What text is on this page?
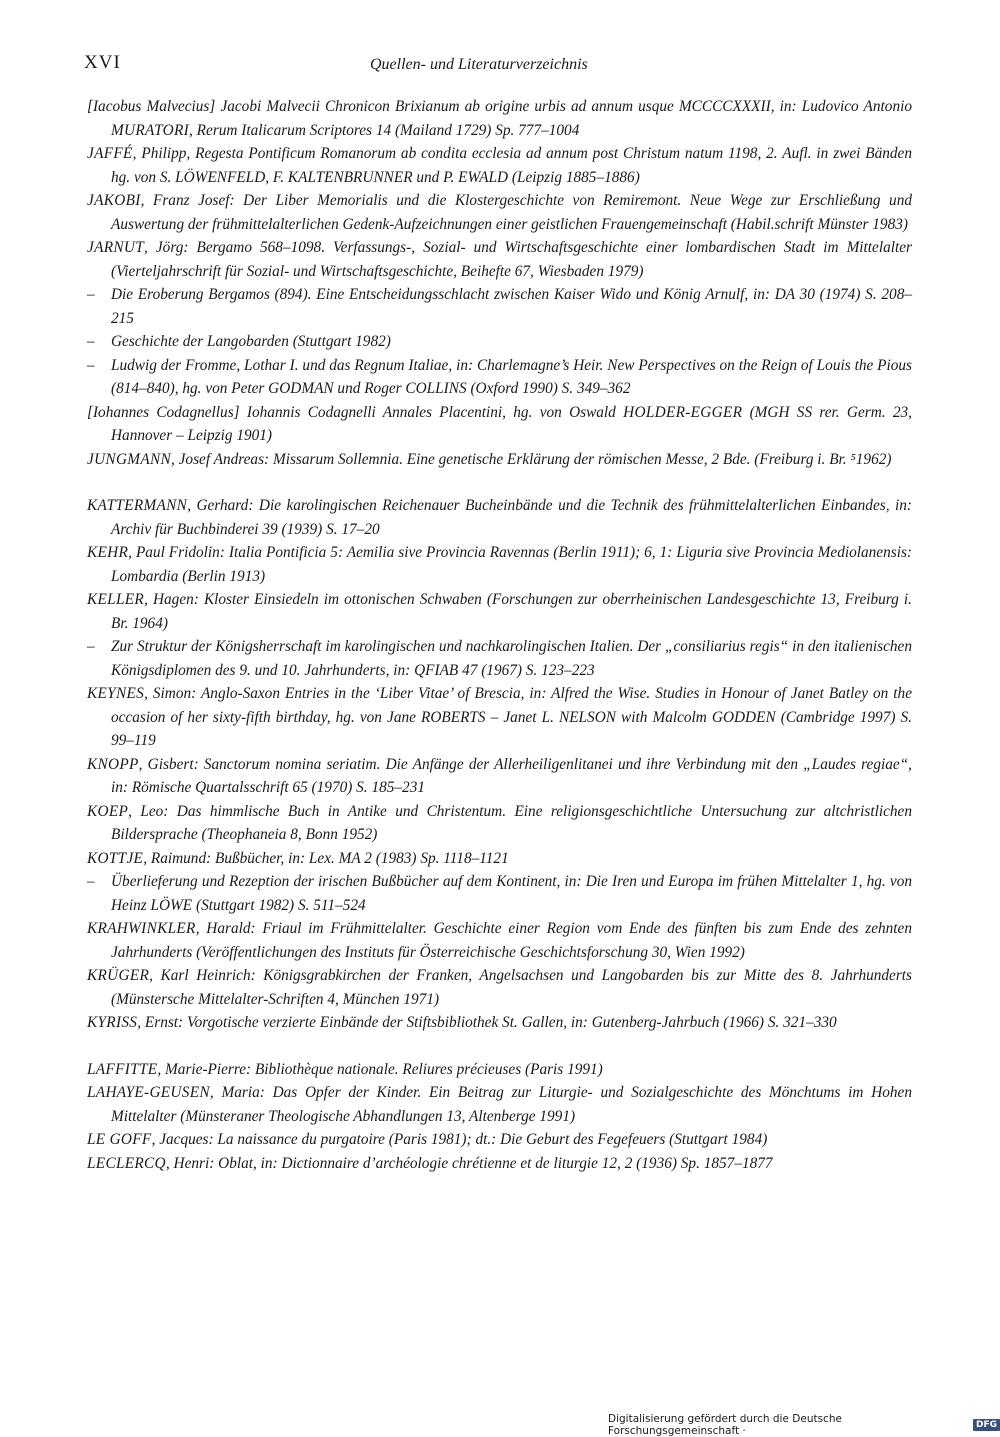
XVI	Quellen- und Literaturverzeichnis
[Iacobus Malvecius] Jacobi Malvecii Chronicon Brixianum ab origine urbis ad annum usque MCCCCXXXII, in: Ludovico Antonio MURATORI, Rerum Italicarum Scriptores 14 (Mailand 1729) Sp. 777–1004
JAFFÉ, Philipp, Regesta Pontificum Romanorum ab condita ecclesia ad annum post Christum natum 1198, 2. Aufl. in zwei Bänden hg. von S. LÖWENFELD, F. KALTENBRUNNER und P. EWALD (Leipzig 1885–1886)
JAKOBI, Franz Josef: Der Liber Memorialis und die Klostergeschichte von Remiremont. Neue Wege zur Erschließung und Auswertung der frühmittelalterlichen Gedenk-Aufzeichnungen einer geistlichen Frauengemeinschaft (Habil.schrift Münster 1983)
JARNUT, Jörg: Bergamo 568–1098. Verfassungs-, Sozial- und Wirtschaftsgeschichte einer lombardischen Stadt im Mittelalter (Vierteljahrschrift für Sozial- und Wirtschaftsgeschichte, Beihefte 67, Wiesbaden 1979)
– Die Eroberung Bergamos (894). Eine Entscheidungsschlacht zwischen Kaiser Wido und König Arnulf, in: DA 30 (1974) S. 208–215
– Geschichte der Langobarden (Stuttgart 1982)
– Ludwig der Fromme, Lothar I. und das Regnum Italiae, in: Charlemagne’s Heir. New Perspectives on the Reign of Louis the Pious (814–840), hg. von Peter GODMAN und Roger COLLINS (Oxford 1990) S. 349–362
[Iohannes Codagnellus] Iohannis Codagnelli Annales Placentini, hg. von Oswald HOLDER-EGGER (MGH SS rer. Germ. 23, Hannover – Leipzig 1901)
JUNGMANN, Josef Andreas: Missarum Sollemnia. Eine genetische Erklärung der römischen Messe, 2 Bde. (Freiburg i. Br. ⁵1962)
KATTERMANN, Gerhard: Die karolingischen Reichenauer Bucheinbände und die Technik des frühmittelalterlichen Einbandes, in: Archiv für Buchbinderei 39 (1939) S. 17–20
KEHR, Paul Fridolin: Italia Pontificia 5: Aemilia sive Provincia Ravennas (Berlin 1911); 6, 1: Liguria sive Provincia Mediolanensis: Lombardia (Berlin 1913)
KELLER, Hagen: Kloster Einsiedeln im ottonischen Schwaben (Forschungen zur oberrheinischen Landesgeschichte 13, Freiburg i. Br. 1964)
– Zur Struktur der Königsherrschaft im karolingischen und nachkarolingischen Italien. Der „consiliarius regis“ in den italienischen Königsdiplomen des 9. und 10. Jahrhunderts, in: QFIAB 47 (1967) S. 123–223
KEYNES, Simon: Anglo-Saxon Entries in the ‘Liber Vitae’ of Brescia, in: Alfred the Wise. Studies in Honour of Janet Batley on the occasion of her sixty-fifth birthday, hg. von Jane ROBERTS – Janet L. NELSON with Malcolm GODDEN (Cambridge 1997) S. 99–119
KNOPP, Gisbert: Sanctorum nomina seriatim. Die Anfänge der Allerheiligenlitanei und ihre Verbindung mit den „Laudes regiae“, in: Römische Quartalsschrift 65 (1970) S. 185–231
KOEP, Leo: Das himmlische Buch in Antike und Christentum. Eine religionsgeschichtliche Untersuchung zur altchristlichen Bildersprache (Theophaneia 8, Bonn 1952)
KOTTJE, Raimund: Bußbücher, in: Lex. MA 2 (1983) Sp. 1118–1121
– Überlieferung und Rezeption der irischen Bußbücher auf dem Kontinent, in: Die Iren und Europa im frühen Mittelalter 1, hg. von Heinz LÖWE (Stuttgart 1982) S. 511–524
KRAHWINKLER, Harald: Friaul im Frühmittelalter. Geschichte einer Region vom Ende des fünften bis zum Ende des zehnten Jahrhunderts (Veröffentlichungen des Instituts für Österreichische Geschichtsforschung 30, Wien 1992)
KRÜGER, Karl Heinrich: Königsgrabkirchen der Franken, Angelsachsen und Langobarden bis zur Mitte des 8. Jahrhunderts (Münstersche Mittelalter-Schriften 4, München 1971)
KYRISS, Ernst: Vorgotische verzierte Einbände der Stiftsbibliothek St. Gallen, in: Gutenberg-Jahrbuch (1966) S. 321–330
LAFFITTE, Marie-Pierre: Bibliothèque nationale. Reliures précieuses (Paris 1991)
LAHAYE-GEUSEN, Maria: Das Opfer der Kinder. Ein Beitrag zur Liturgie- und Sozialgeschichte des Mönchtums im Hohen Mittelalter (Münsteraner Theologische Abhandlungen 13, Altenberge 1991)
LE GOFF, Jacques: La naissance du purgatoire (Paris 1981); dt.: Die Geburt des Fegefeuers (Stuttgart 1984)
LECLERCQ, Henri: Oblat, in: Dictionnaire d’archéologie chrétienne et de liturgie 12, 2 (1936) Sp. 1857–1877
Digitalisierung gefördert durch die Deutsche Forschungsgemeinschaft ·	DFG
